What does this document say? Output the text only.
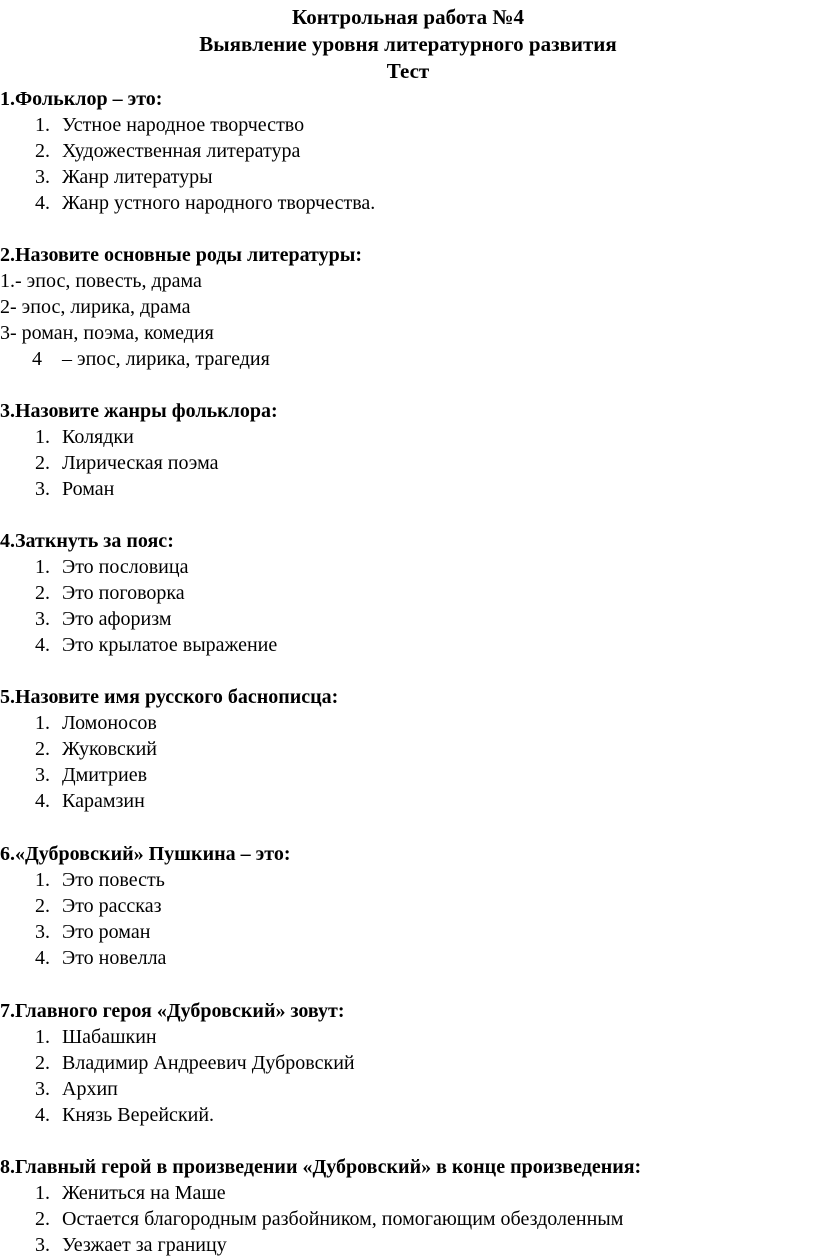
Контрольная работа №4
Выявление уровня литературного развития
Тест
1.Фольклор – это:
1. Устное народное творчество
2. Художественная литература
3. Жанр литературы
4. Жанр устного народного творчества.
2.Назовите основные роды литературы:
1.- эпос, повесть, драма
2- эпос, лирика, драма
3- роман, поэма, комедия
4 – эпос, лирика, трагедия
3.Назовите жанры фольклора:
1. Колядки
2. Лирическая поэма
3. Роман
4.Заткнуть за пояс:
1. Это пословица
2. Это поговорка
3. Это афоризм
4. Это крылатое выражение
5.Назовите имя русского баснописца:
1. Ломоносов
2. Жуковский
3. Дмитриев
4. Карамзин
6.«Дубровский» Пушкина – это:
1. Это повесть
2. Это рассказ
3. Это роман
4. Это новелла
7.Главного героя «Дубровский» зовут:
1. Шабашкин
2. Владимир Андреевич Дубровский
3. Архип
4. Князь Верейский.
8.Главный герой в произведении «Дубровский» в конце произведения:
1. Жениться на Маше
2. Остается благородным разбойником, помогающим обездоленным
3. Уезжает за границу
